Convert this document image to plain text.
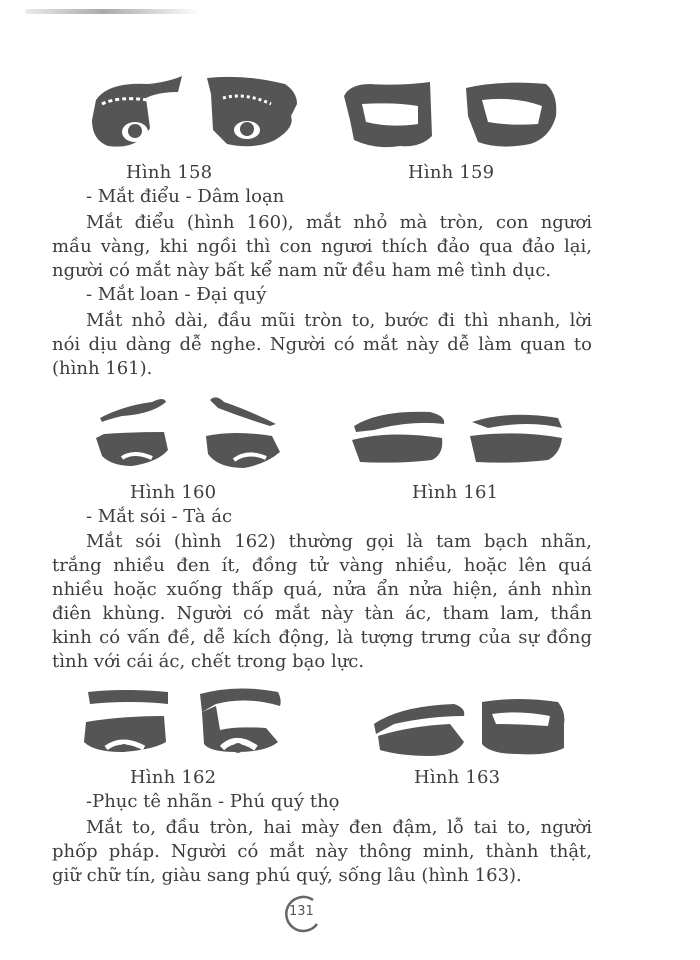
Hình 158	Hình 159
- Mắt điểu - Dâm loạn
Mắt điểu (hình 160), mắt nhỏ mà tròn, con ngươi
mầu vàng, khi ngồi thì con ngươi thích đảo qua đảo lại,
người có mắt này bất kể nam nữ đều ham mê tình dục.
- Mắt loan - Đại quý
Mắt nhỏ dài, đầu mũi tròn to, bước đi thì nhanh, lời
nói dịu dàng dễ nghe. Người có mắt này dễ làm quan to
(hình 161).
Hình 160	Hình 161
- Mắt sói - Tà ác
Mắt sói (hình 162) thường gọi là tam bạch nhãn,
trắng nhiều đen ít, đồng tử vàng nhiều, hoặc lên quá
nhiều hoặc xuống thấp quá, nửa ẩn nửa hiện, ánh nhìn
điên khùng. Người có mắt này tàn ác, tham lam, thần
kinh có vấn đề, dễ kích động, là tượng trưng của sự đồng
tình với cái ác, chết trong bạo lực.
Hình 162	Hình 163
-Phục tê nhãn - Phú quý thọ
Mắt to, đầu tròn, hai mày đen đậm, lỗ tai to, người
phốp pháp. Người có mắt này thông minh, thành thật,
giữ chữ tín, giàu sang phú quý, sống lâu (hình 163).
131
